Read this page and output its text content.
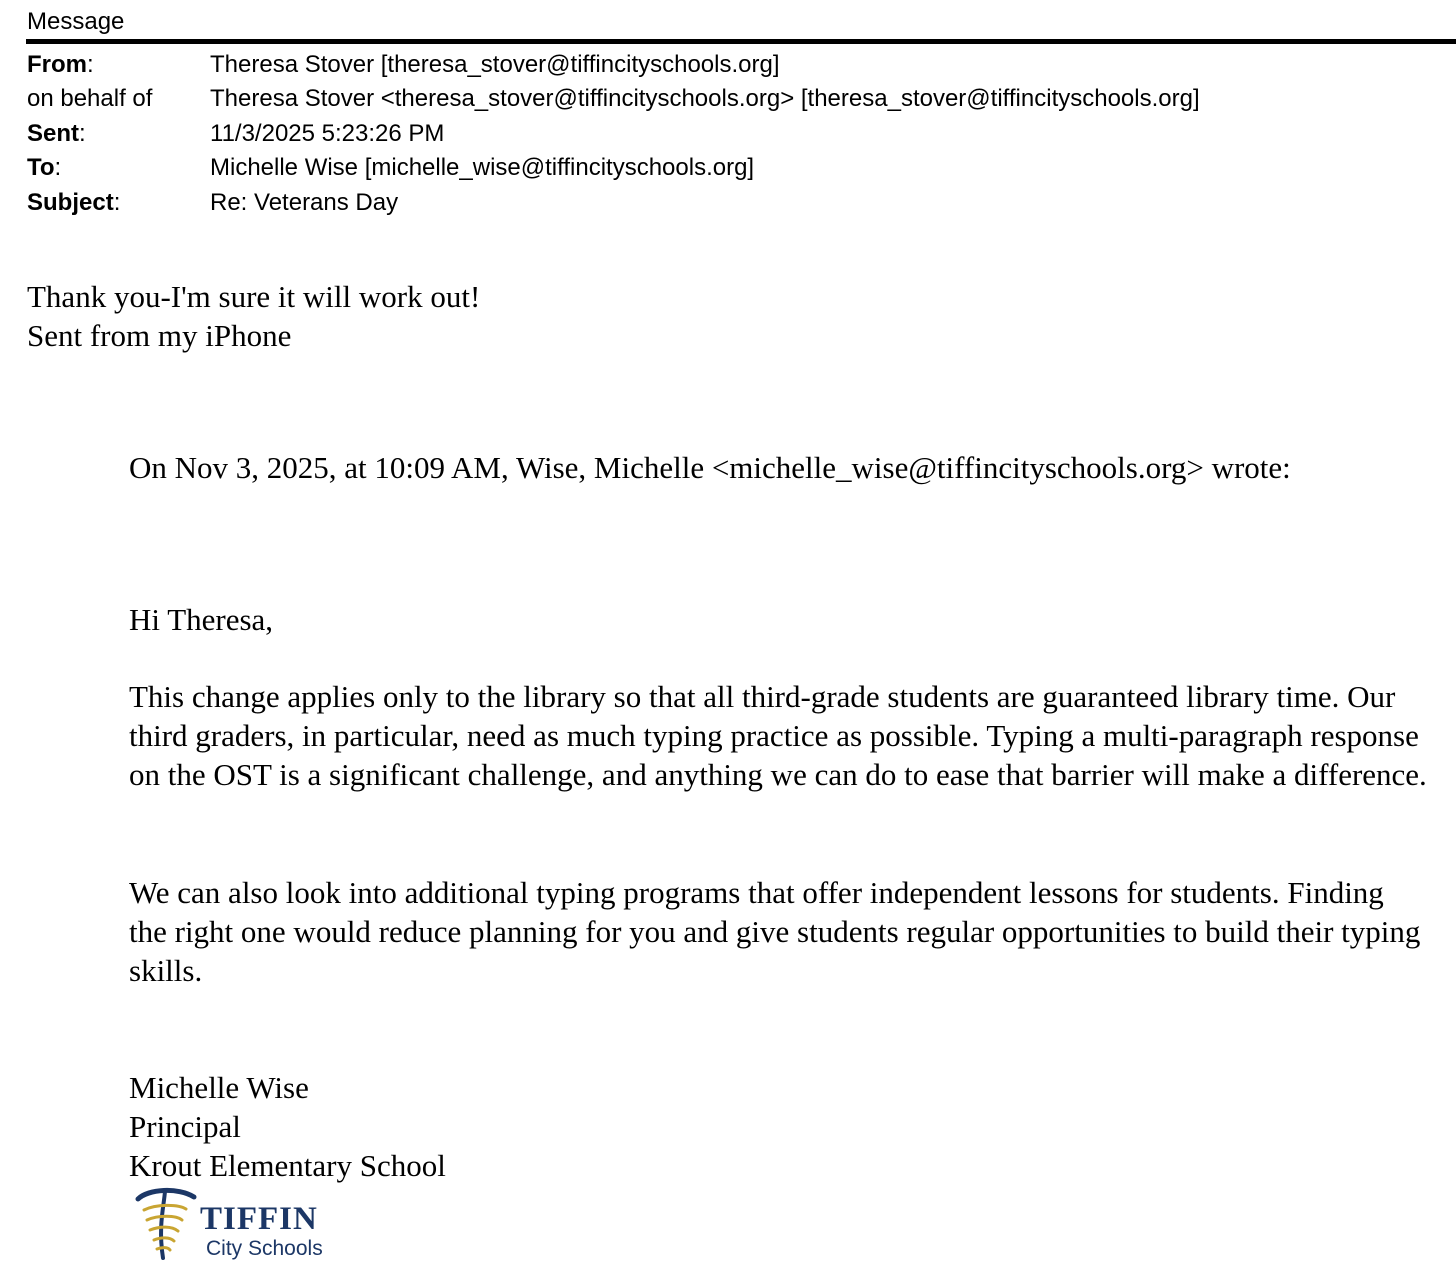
Message
From:	Theresa Stover [theresa_stover@tiffincityschools.org]
on behalf of Theresa Stover <theresa_stover@tiffincityschools.org> [theresa_stover@tiffincityschools.org]
Sent:	11/3/2025 5:23:26 PM
To:	Michelle Wise [michelle_wise@tiffincityschools.org]
Subject:	Re: Veterans Day
Thank you-I'm sure it will work out!
Sent from my iPhone
On Nov 3, 2025, at 10:09 AM, Wise, Michelle <michelle_wise@tiffincityschools.org> wrote:
Hi Theresa,
This change applies only to the library so that all third-grade students are guaranteed library time. Our third graders, in particular, need as much typing practice as possible. Typing a multi-paragraph response on the OST is a significant challenge, and anything we can do to ease that barrier will make a difference.
We can also look into additional typing programs that offer independent lessons for students. Finding the right one would reduce planning for you and give students regular opportunities to build their typing skills.
Michelle Wise
Principal
Krout Elementary School
TIFFIN
City Schools
